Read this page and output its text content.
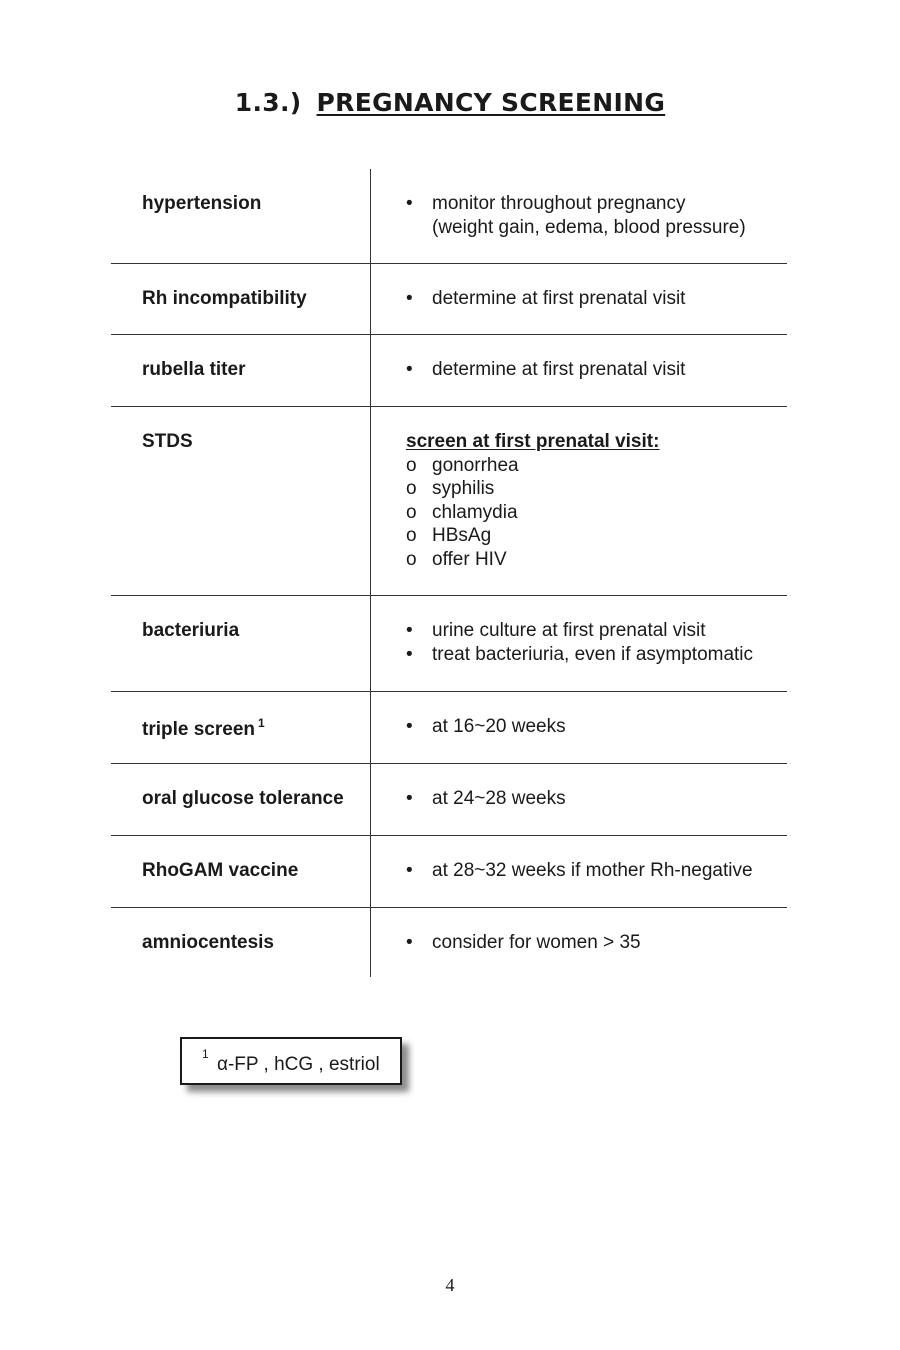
1.3.) PREGNANCY SCREENING
hypertension	• monitor throughout pregnancy
(weight gain, edema, blood pressure)
Rh incompatibility	• determine at first prenatal visit
rubella titer	• determine at first prenatal visit
STDS	screen at first prenatal visit:
o gonorrhea
o syphilis
o chlamydia
o HBsAg
o offer HIV
bacteriuria	• urine culture at first prenatal visit
• treat bacteriuria, even if asymptomatic
triple screen $^1$	• at 16~20 weeks
oral glucose tolerance	• at 24~28 weeks
RhoGAM vaccine	• at 28~32 weeks if mother Rh-negative
amniocentesis	• consider for women > 35
1 α-FP , hCG , estriol
4
